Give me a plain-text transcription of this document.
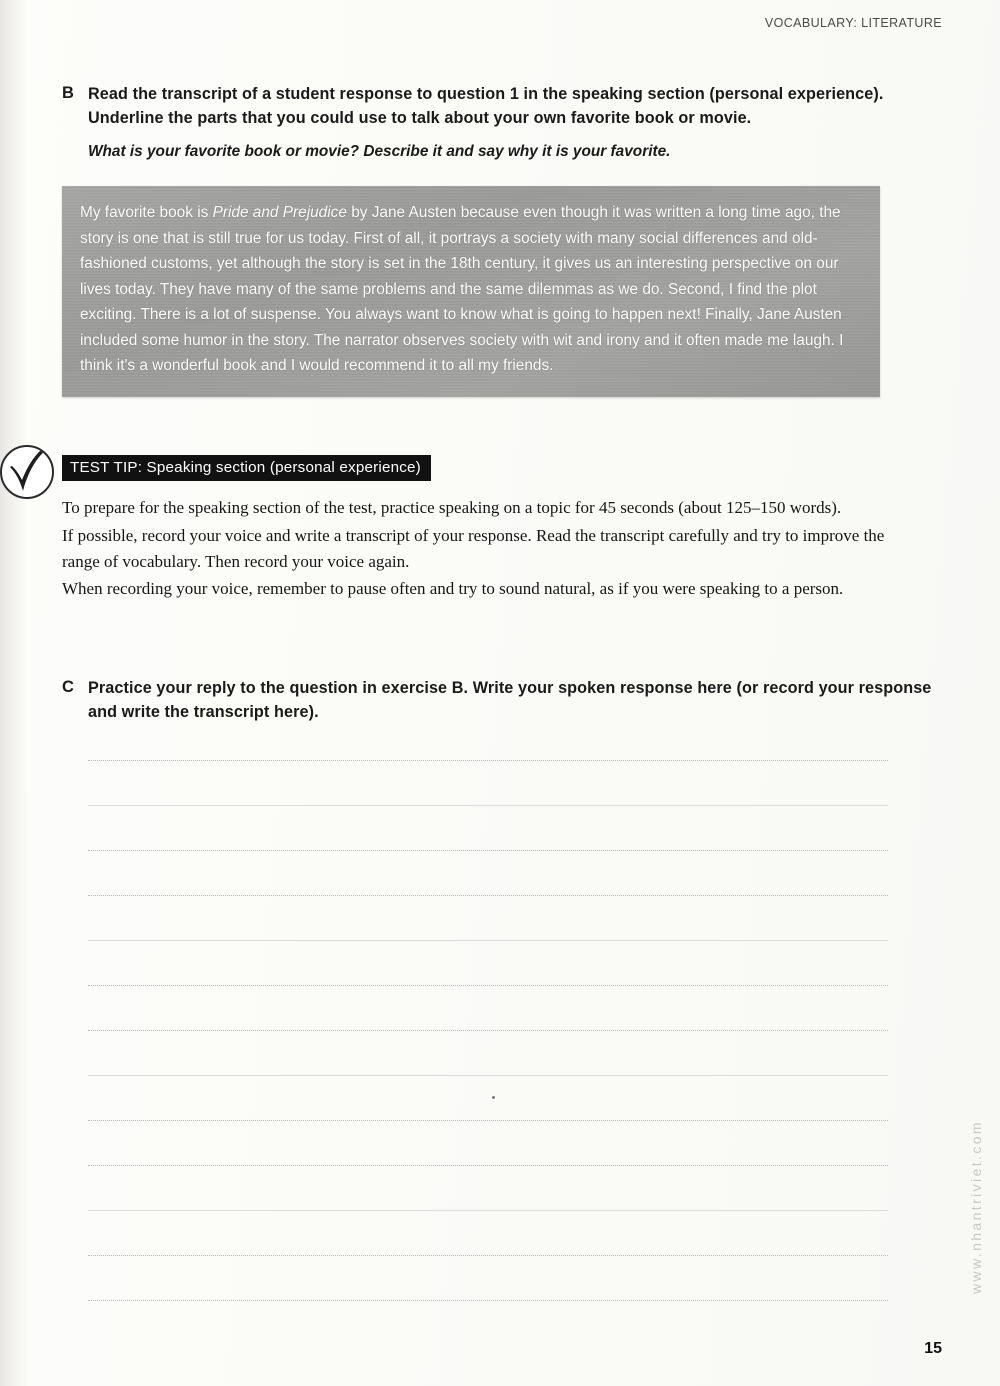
VOCABULARY: LITERATURE
B Read the transcript of a student response to question 1 in the speaking section (personal experience). Underline the parts that you could use to talk about your own favorite book or movie.

What is your favorite book or movie? Describe it and say why it is your favorite.

My favorite book is Pride and Prejudice by Jane Austen because even though it was written a long time ago, the story is one that is still true for us today. First of all, it portrays a society with many social differences and old-fashioned customs, yet although the story is set in the 18th century, it gives us an interesting perspective on our lives today. They have many of the same problems and the same dilemmas as we do. Second, I find the plot exciting. There is a lot of suspense. You always want to know what is going to happen next! Finally, Jane Austen included some humor in the story. The narrator observes society with wit and irony and it often made me laugh. I think it's a wonderful book and I would recommend it to all my friends.
TEST TIP: Speaking section (personal experience)

To prepare for the speaking section of the test, practice speaking on a topic for 45 seconds (about 125–150 words).

If possible, record your voice and write a transcript of your response. Read the transcript carefully and try to improve the range of vocabulary. Then record your voice again.

When recording your voice, remember to pause often and try to sound natural, as if you were speaking to a person.

C Practice your reply to the question in exercise B. Write your spoken response here (or record your response and write the transcript here).

www.nhantriviet.com
15
